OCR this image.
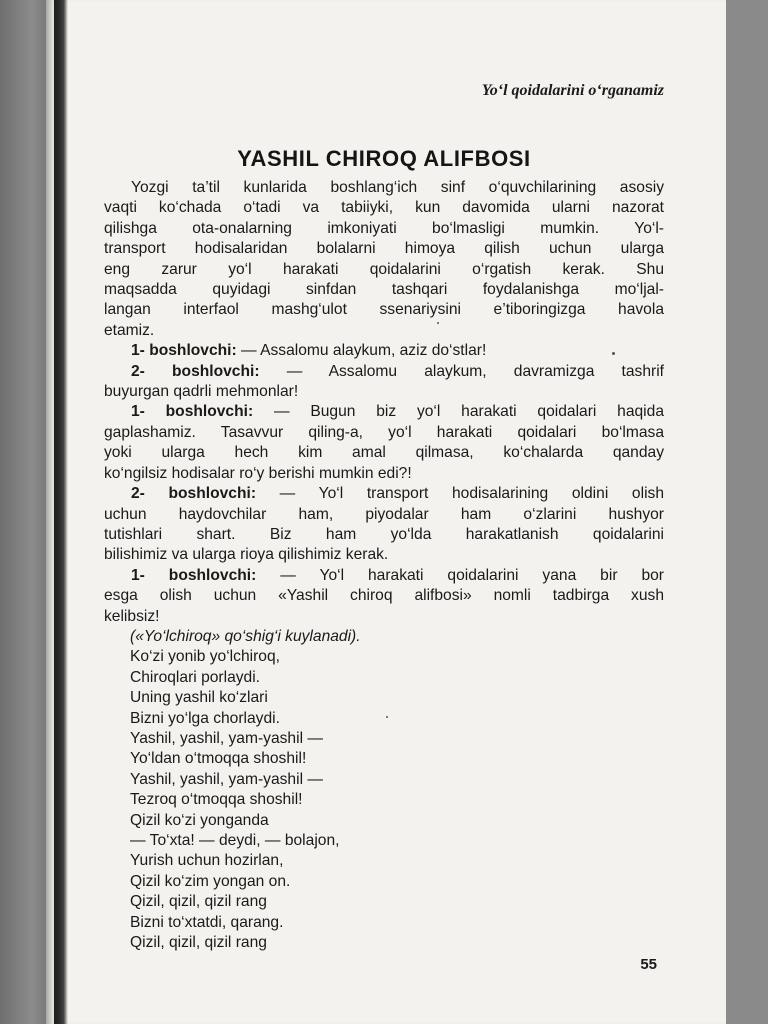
Yo‘l qoidalarini o‘rganamiz

YASHIL CHIROQ ALIFBOSI

Yozgi ta’til kunlarida boshlang‘ich sinf o‘quvchilarining asosiy
vaqti ko‘chada o‘tadi va tabiiyki, kun davomida ularni nazorat
qilishga ota-onalarning imkoniyati bo‘lmasligi mumkin. Yo‘l-
transport hodisalaridan bolalarni himoya qilish uchun ularga
eng zarur yo‘l harakati qoidalarini o‘rgatish kerak. Shu
maqsadda quyidagi sinfdan tashqari foydalanishga mo‘ljal-
langan interfaol mashg‘ulot ssenariysini e’tiboringizga havola
etamiz.

1- boshlovchi: — Assalomu alaykum, aziz do‘stlar!

2- boshlovchi: — Assalomu alaykum, davramizga tashrif
buyurgan qadrli mehmonlar!

1- boshlovchi: — Bugun biz yo‘l harakati qoidalari haqida
gaplashamiz. Tasavvur qiling-a, yo‘l harakati qoidalari bo‘lmasa
yoki ularga hech kim amal qilmasa, ko‘chalarda qanday
ko‘ngilsiz hodisalar ro‘y berishi mumkin edi?!

2- boshlovchi: — Yo‘l transport hodisalarining oldini olish
uchun haydovchilar ham, piyodalar ham o‘zlarini hushyor
tutishlari shart. Biz ham yo‘lda harakatlanish qoidalarini
bilishimiz va ularga rioya qilishimiz kerak.

1- boshlovchi: — Yo‘l harakati qoidalarini yana bir bor
esga olish uchun «Yashil chiroq alifbosi» nomli tadbirga xush
kelibsiz!

(«Yo‘lchiroq» qo‘shig‘i kuylanadi).
Ko‘zi yonib yo‘lchiroq,
Chiroqlari porlaydi.
Uning yashil ko‘zlari
Bizni yo‘lga chorlaydi.
Yashil, yashil, yam-yashil —
Yo‘ldan o‘tmoqqa shoshil!
Yashil, yashil, yam-yashil —
Tezroq o‘tmoqqa shoshil!
Qizil ko‘zi yonganda
— To‘xta! — deydi, — bolajon,
Yurish uchun hozirlan,
Qizil ko‘zim yongan on.
Qizil, qizil, qizil rang
Bizni to‘xtatdi, qarang.
Qizil, qizil, qizil rang

55
